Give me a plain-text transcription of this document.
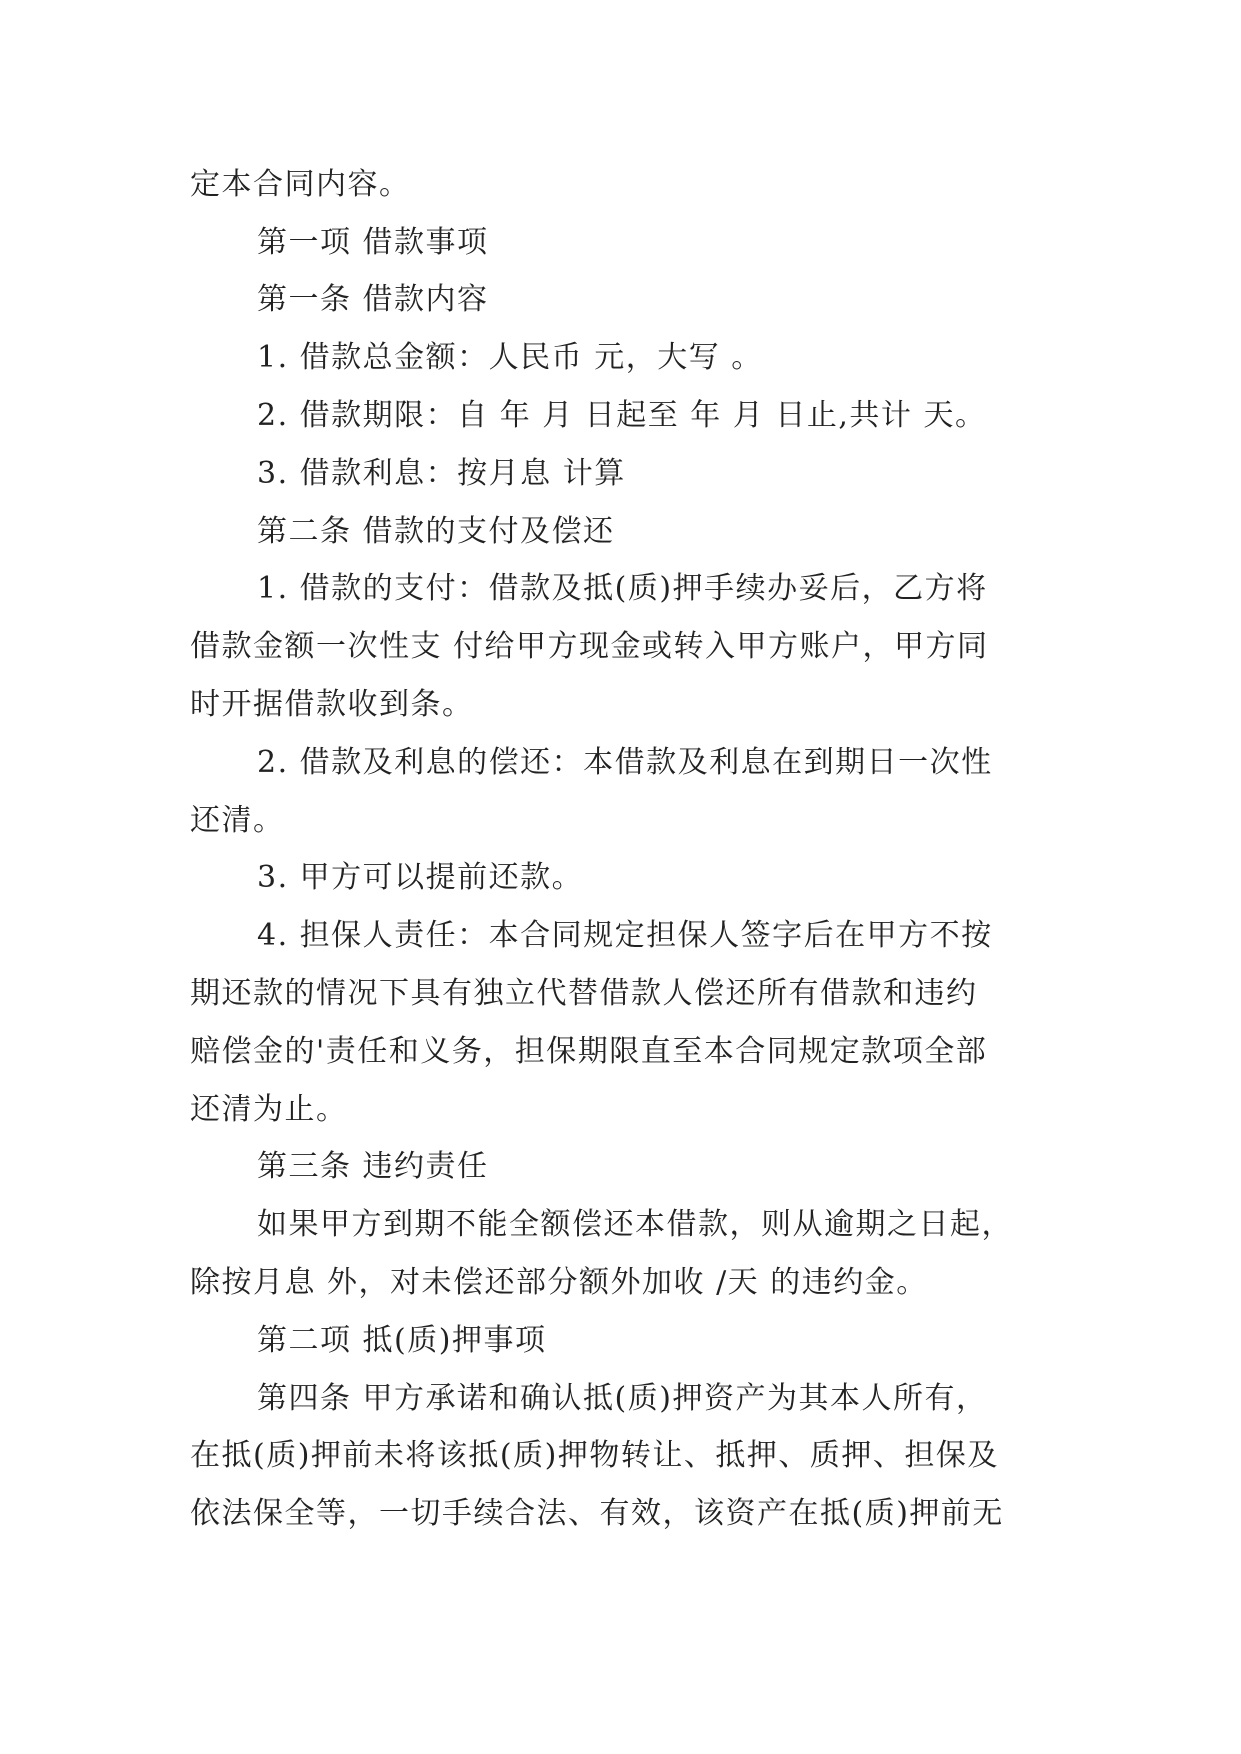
定本合同内容。
第一项 借款事项
第一条 借款内容
1. 借款总金额：人民币 元，大写 。
2. 借款期限：自 年 月 日起至 年 月 日止,共计 天。
3. 借款利息：按月息 计算
第二条 借款的支付及偿还
1. 借款的支付：借款及抵(质)押手续办妥后，乙方将
借款金额一次性支 付给甲方现金或转入甲方账户，甲方同
时开据借款收到条。
2. 借款及利息的偿还：本借款及利息在到期日一次性
还清。
3. 甲方可以提前还款。
4. 担保人责任：本合同规定担保人签字后在甲方不按
期还款的情况下具有独立代替借款人偿还所有借款和违约
赔偿金的'责任和义务，担保期限直至本合同规定款项全部
还清为止。
第三条 违约责任
如果甲方到期不能全额偿还本借款，则从逾期之日起，
除按月息 外，对未偿还部分额外加收 /天 的违约金。
第二项 抵(质)押事项
第四条 甲方承诺和确认抵(质)押资产为其本人所有，
在抵(质)押前未将该抵(质)押物转让、抵押、质押、担保及
依法保全等，一切手续合法、有效，该资产在抵(质)押前无
